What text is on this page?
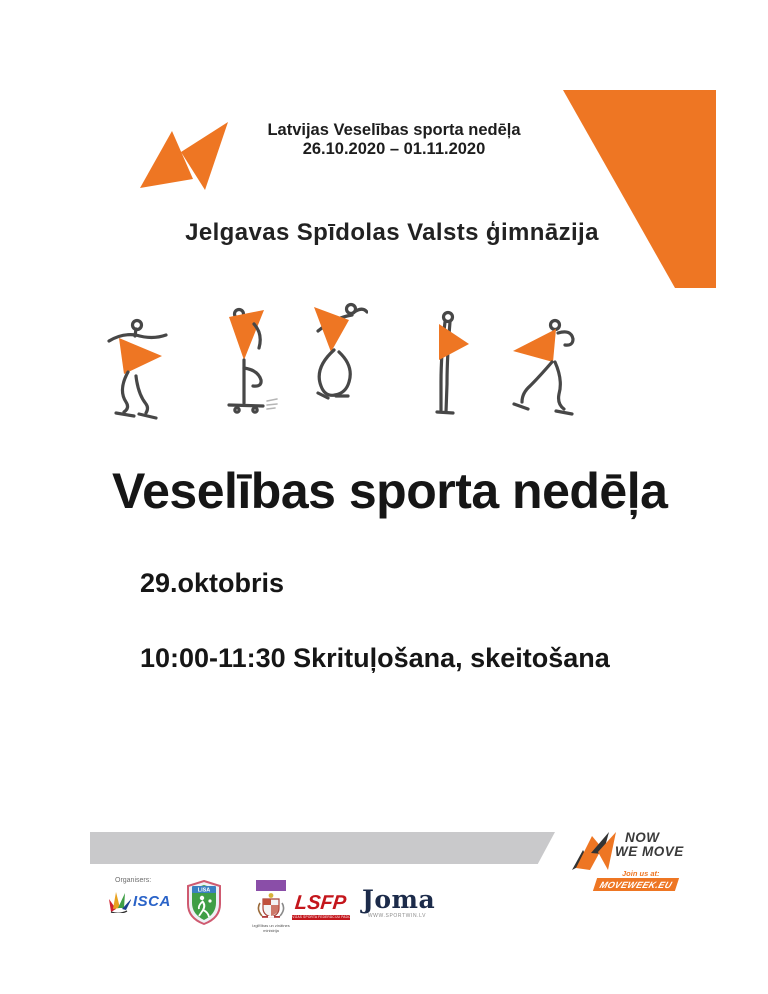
Latvijas Veselības sporta nedēļa
26.10.2020 – 01.11.2020
Jelgavas Spīdolas Valsts ģimnāzija
Veselības sporta nedēļa
29.oktobris
10:00-11:30 Skrituļošana, skeitošana
NOW
WE MOVE
Join us at:
MOVEWEEK.EU
Organisers:
ISCA
LISA
Izglītības un zinātnes ministrija
LSFP
LATVIJAS SPORTA FEDERĀCIJU PADOME
Joma
WWW.SPORTWIN.LV
